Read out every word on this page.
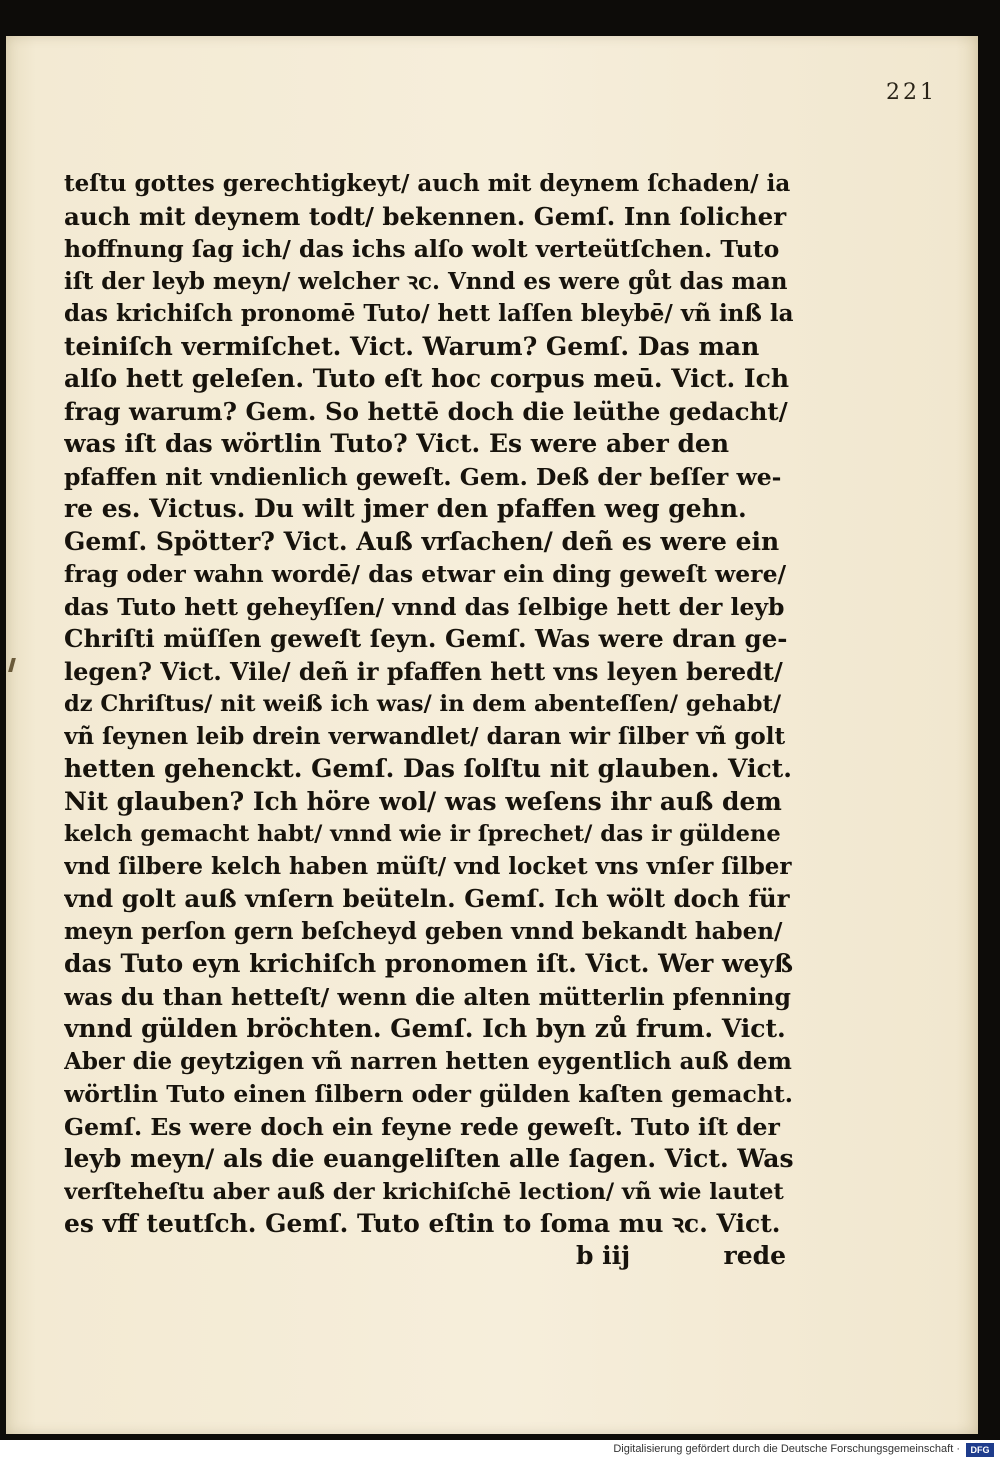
221
teſtu gottes gerechtigkeyt/ auch mit deynem ſchaden/ ia
auch mit deynem todt/ bekennen. Gemſ. Inn ſolicher
hoffnung ſag ich/ das ichs alſo wolt verteütſchen. Tuto
iſt der leyb meyn/ welcher ꝛc. Vnnd es were gůt das man
das krichiſch pronomē Tuto/ hett laſſen bleybē/ vñ inß la
teiniſch vermiſchet. Vict. Warum? Gemſ. Das man
alſo hett geleſen. Tuto eſt hoc corpus meū. Vict. Ich
frag warum? Gem. So hettē doch die leüthe gedacht/
was iſt das wörtlin Tuto? Vict. Es were aber den
pfaffen nit vndienlich geweſt. Gem. Deß der beſſer we-
re es. Victus. Du wilt jmer den pfaffen weg gehn.
Gemſ. Spötter? Vict. Auß vrſachen/ deñ es were ein
frag oder wahn wordē/ das etwar ein ding geweſt were/
das Tuto hett geheyſſen/ vnnd das ſelbige hett der leyb
Chriſti müſſen geweſt ſeyn. Gemſ. Was were dran ge-
legen? Vict. Vile/ deñ ir pfaffen hett vns leyen beredt/
dz Chriſtus/ nit weiß ich was/ in dem abenteſſen/ gehabt/
vñ ſeynen leib drein verwandlet/ daran wir ſilber vñ golt
hetten gehenckt. Gemſ. Das ſolſtu nit glauben. Vict.
Nit glauben? Ich höre wol/ was weſens ihr auß dem
kelch gemacht habt/ vnnd wie ir ſprechet/ das ir güldene
vnd ſilbere kelch haben müſt/ vnd locket vns vnſer ſilber
vnd golt auß vnſern beüteln. Gemſ. Ich wölt doch für
meyn perſon gern beſcheyd geben vnnd bekandt haben/
das Tuto eyn krichiſch pronomen iſt. Vict. Wer weyß
was du than hetteſt/ wenn die alten mütterlin pfenning
vnnd gülden bröchten. Gemſ. Ich byn zů frum. Vict.
Aber die geytzigen vñ narren hetten eygentlich auß dem
wörtlin Tuto einen ſilbern oder gülden kaſten gemacht.
Gemſ. Es were doch ein feyne rede geweſt. Tuto iſt der
leyb meyn/ als die euangeliſten alle ſagen. Vict. Was
verſteheſtu aber auß der krichiſchē lection/ vñ wie lautet
es vff teutſch. Gemſ. Tuto eſtin to ſoma mu ꝛc. Vict.
b iij	rede
Digitalisierung gefördert durch die Deutsche Forschungsgemeinschaft ·	DFG
